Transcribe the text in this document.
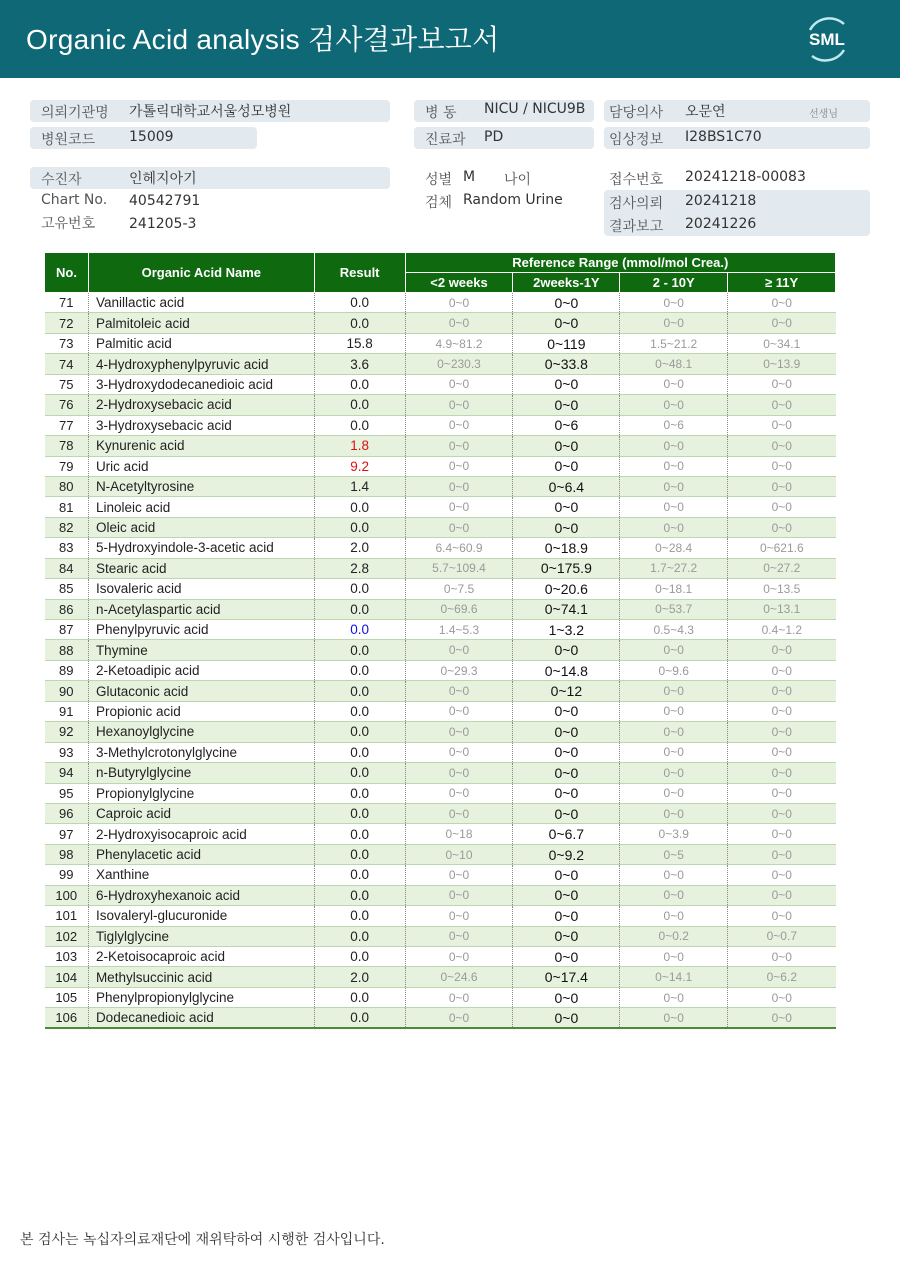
Organic Acid analysis 검사결과보고서	SML
의뢰기관명 가톨릭대학교서울성모병원
병원코드 15009
병 동 NICU / NICU9B
진료과 PD
담당의사 오문연	선생님
임상정보 I28BS1C70
수진자	인헤지아기
Chart No. 40542791
고유번호 241205-3
성별 M 나이
검체 Random Urine
접수번호 20241218-00083
검사의뢰 20241218
결과보고 20241226
No.	Organic Acid Name	Result	Reference Range (mmol/mol Crea.)			
			<2 weeks	2weeks-1Y	2 - 10Y	≥ 11Y
71	Vanillactic acid	0.0	0~0	0~0	0~0	0~0
72	Palmitoleic acid	0.0	0~0	0~0	0~0	0~0
73	Palmitic acid	15.8	4.9~81.2	0~119	1.5~21.2	0~34.1
74	4-Hydroxyphenylpyruvic acid	3.6	0~230.3	0~33.8	0~48.1	0~13.9
75	3-Hydroxydodecanedioic acid	0.0	0~0	0~0	0~0	0~0
76	2-Hydroxysebacic acid	0.0	0~0	0~0	0~0	0~0
77	3-Hydroxysebacic acid	0.0	0~0	0~6	0~6	0~0
78	Kynurenic acid	1.8	0~0	0~0	0~0	0~0
79	Uric acid	9.2	0~0	0~0	0~0	0~0
80	N-Acetyltyrosine	1.4	0~0	0~6.4	0~0	0~0
81	Linoleic acid	0.0	0~0	0~0	0~0	0~0
82	Oleic acid	0.0	0~0	0~0	0~0	0~0
83	5-Hydroxyindole-3-acetic acid	2.0	6.4~60.9	0~18.9	0~28.4	0~621.6
84	Stearic acid	2.8	5.7~109.4	0~175.9	1.7~27.2	0~27.2
85	Isovaleric acid	0.0	0~7.5	0~20.6	0~18.1	0~13.5
86	n-Acetylaspartic acid	0.0	0~69.6	0~74.1	0~53.7	0~13.1
87	Phenylpyruvic acid	0.0	1.4~5.3	1~3.2	0.5~4.3	0.4~1.2
88	Thymine	0.0	0~0	0~0	0~0	0~0
89	2-Ketoadipic acid	0.0	0~29.3	0~14.8	0~9.6	0~0
90	Glutaconic acid	0.0	0~0	0~12	0~0	0~0
91	Propionic acid	0.0	0~0	0~0	0~0	0~0
92	Hexanoylglycine	0.0	0~0	0~0	0~0	0~0
93	3-Methylcrotonylglycine	0.0	0~0	0~0	0~0	0~0
94	n-Butyrylglycine	0.0	0~0	0~0	0~0	0~0
95	Propionylglycine	0.0	0~0	0~0	0~0	0~0
96	Caproic acid	0.0	0~0	0~0	0~0	0~0
97	2-Hydroxyisocaproic acid	0.0	0~18	0~6.7	0~3.9	0~0
98	Phenylacetic acid	0.0	0~10	0~9.2	0~5	0~0
99	Xanthine	0.0	0~0	0~0	0~0	0~0
100	6-Hydroxyhexanoic acid	0.0	0~0	0~0	0~0	0~0
101	Isovaleryl-glucuronide	0.0	0~0	0~0	0~0	0~0
102	Tiglylglycine	0.0	0~0	0~0	0~0.2	0~0.7
103	2-Ketoisocaproic acid	0.0	0~0	0~0	0~0	0~0
104	Methylsuccinic acid	2.0	0~24.6	0~17.4	0~14.1	0~6.2
105	Phenylpropionylglycine	0.0	0~0	0~0	0~0	0~0
106	Dodecanedioic acid	0.0	0~0	0~0	0~0	0~0
본 검사는 녹십자의료재단에 재위탁하여 시행한 검사입니다.
